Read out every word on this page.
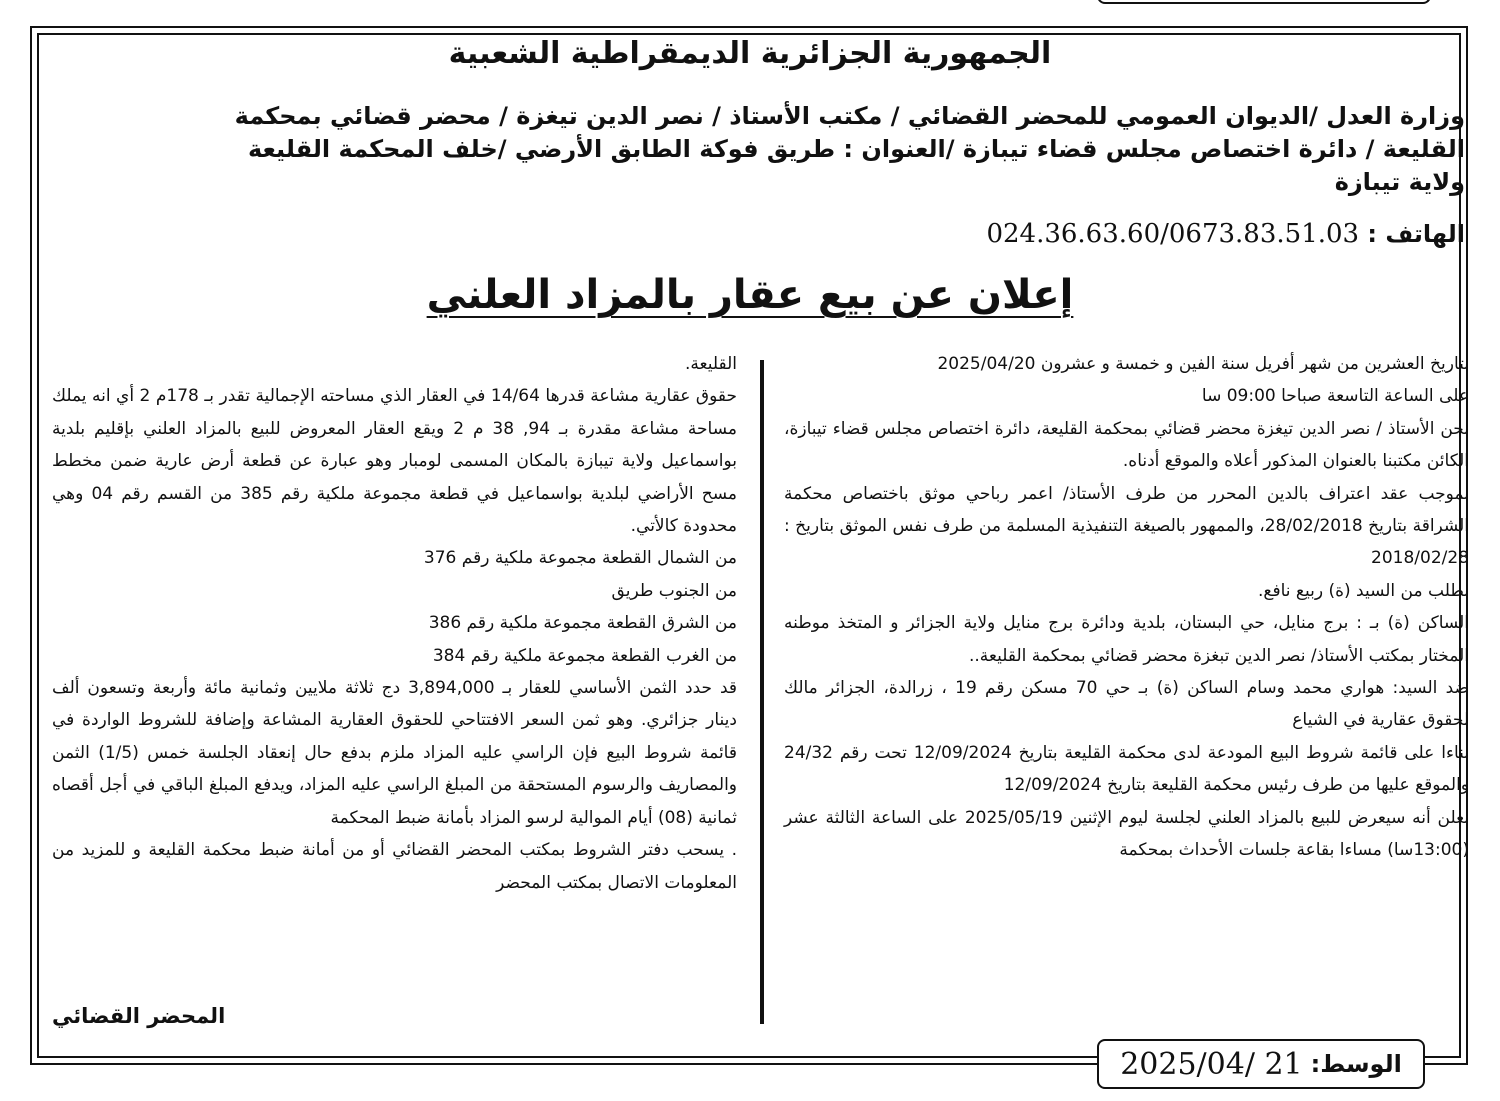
الجمهورية الجزائرية الديمقراطية الشعبية

وزارة العدل /الديوان العمومي للمحضر القضائي / مكتب الأستاذ / نصر الدين تيغزة / محضر قضائي بمحكمة

القليعة / دائرة اختصاص مجلس قضاء تيبازة /العنوان : طريق فوكة الطابق الأرضي /خلف المحكمة القليعة

ولاية تيبازة

الهاتف : 024.36.63.60/0673.83.51.03
إعلان عن بيع عقار بالمزاد العلني

بتاريخ العشرين من شهر أفريل سنة الفين و خمسة و عشرون 2025/04/20

على الساعة التاسعة صباحا 09:00 سا

نحن الأستاذ / نصر الدين تيغزة محضر قضائي بمحكمة القليعة، دائرة اختصاص مجلس قضاء تيبازة، الكائن مكتبنا بالعنوان المذكور أعلاه والموقع أدناه.

بموجب عقد اعتراف بالدين المحرر من طرف الأستاذ/ اعمر رباحي موثق باختصاص محكمة الشراقة بتاريخ 28/02/2018، والممهور بالصيغة التنفيذية المسلمة من طرف نفس الموثق بتاريخ : 2018/02/28

بطلب من السيد (ة) ربيع نافع.

الساكن (ة) بـ : برج منايل، حي البستان، بلدية ودائرة برج منايل ولاية الجزائر و المتخذ موطنه المختار بمكتب الأستاذ/ نصر الدين تبغزة محضر قضائي بمحكمة القليعة..

ضد السيد: هواري محمد وسام الساكن (ة) بـ حي 70 مسكن رقم 19 ، زرالدة، الجزائر مالك لحقوق عقارية في الشياع

بناءا على قائمة شروط البيع المودعة لدى محكمة القليعة بتاريخ 12/09/2024 تحت رقم 24/32 والموقع عليها من طرف رئيس محكمة القليعة بتاريخ 12/09/2024

نعلن أنه سيعرض للبيع بالمزاد العلني لجلسة ليوم الإثنين 2025/05/19 على الساعة الثالثة عشر (13:00سا) مساءا بقاعة جلسات الأحداث بمحكمة

القليعة.

حقوق عقارية مشاعة قدرها 14/64 في العقار الذي مساحته الإجمالية تقدر بـ 178م 2 أي انه يملك مساحة مشاعة مقدرة بـ 94, 38 م 2 ويقع العقار المعروض للبيع بالمزاد العلني بإقليم بلدية بواسماعيل ولاية تيبازة بالمكان المسمى لومبار وهو عبارة عن قطعة أرض عارية ضمن مخطط مسح الأراضي لبلدية بواسماعيل في قطعة مجموعة ملكية رقم 385 من القسم رقم 04 وهي محدودة كالأتي.

من الشمال القطعة مجموعة ملكية رقم 376

من الجنوب طريق

من الشرق القطعة مجموعة ملكية رقم 386

من الغرب القطعة مجموعة ملكية رقم 384

قد حدد الثمن الأساسي للعقار بـ 3,894,000 دج ثلاثة ملايين وثمانية مائة وأربعة وتسعون ألف دينار جزائري. وهو ثمن السعر الافتتاحي للحقوق العقارية المشاعة وإضافة للشروط الواردة في قائمة شروط البيع فإن الراسي عليه المزاد ملزم بدفع حال إنعقاد الجلسة خمس (1/5) الثمن والمصاريف والرسوم المستحقة من المبلغ الراسي عليه المزاد، ويدفع المبلغ الباقي في أجل أقصاه ثمانية (08) أيام الموالية لرسو المزاد بأمانة ضبط المحكمة

. يسحب دفتر الشروط بمكتب المحضر القضائي أو من أمانة ضبط محكمة القليعة و للمزيد من المعلومات الاتصال بمكتب المحضر

المحضر القضائي
الوسط:
2025/04/ 21
